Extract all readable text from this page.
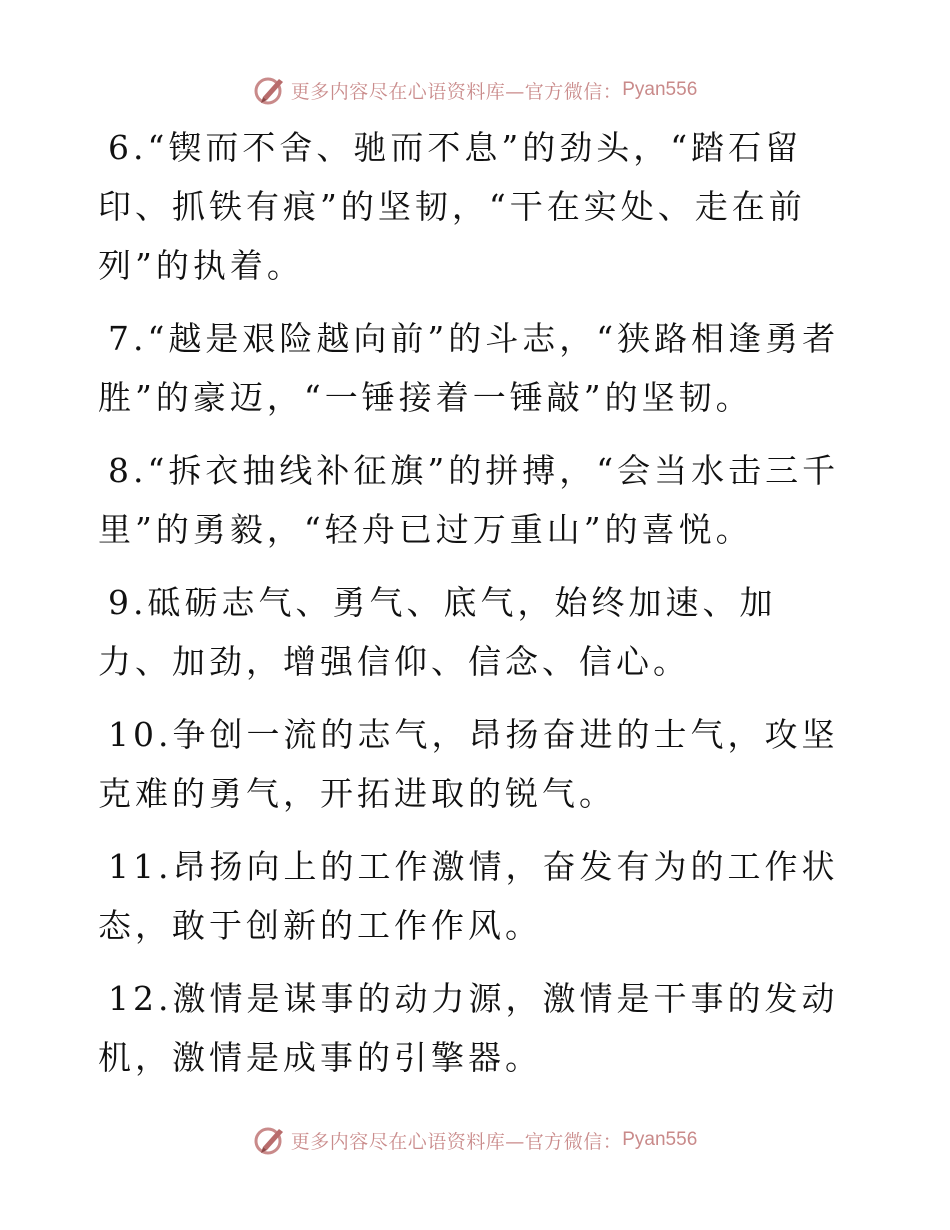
更多内容尽在心语资料库—官方微信： Pyan556

6.“锲而不舍、驰而不息”的劲头，“踏石留印、抓铁有痕”的坚韧，“干在实处、走在前列”的执着。

7.“越是艰险越向前”的斗志，“狭路相逢勇者胜”的豪迈，“一锤接着一锤敲”的坚韧。

8.“拆衣抽线补征旗”的拼搏，“会当水击三千里”的勇毅，“轻舟已过万重山”的喜悦。

9.砥砺志气、勇气、底气，始终加速、加力、加劲，增强信仰、信念、信心。

10.争创一流的志气，昂扬奋进的士气，攻坚克难的勇气，开拓进取的锐气。

11.昂扬向上的工作激情，奋发有为的工作状态，敢于创新的工作作风。

12.激情是谋事的动力源，激情是干事的发动机，激情是成事的引擎器。

更多内容尽在心语资料库—官方微信： Pyan556
